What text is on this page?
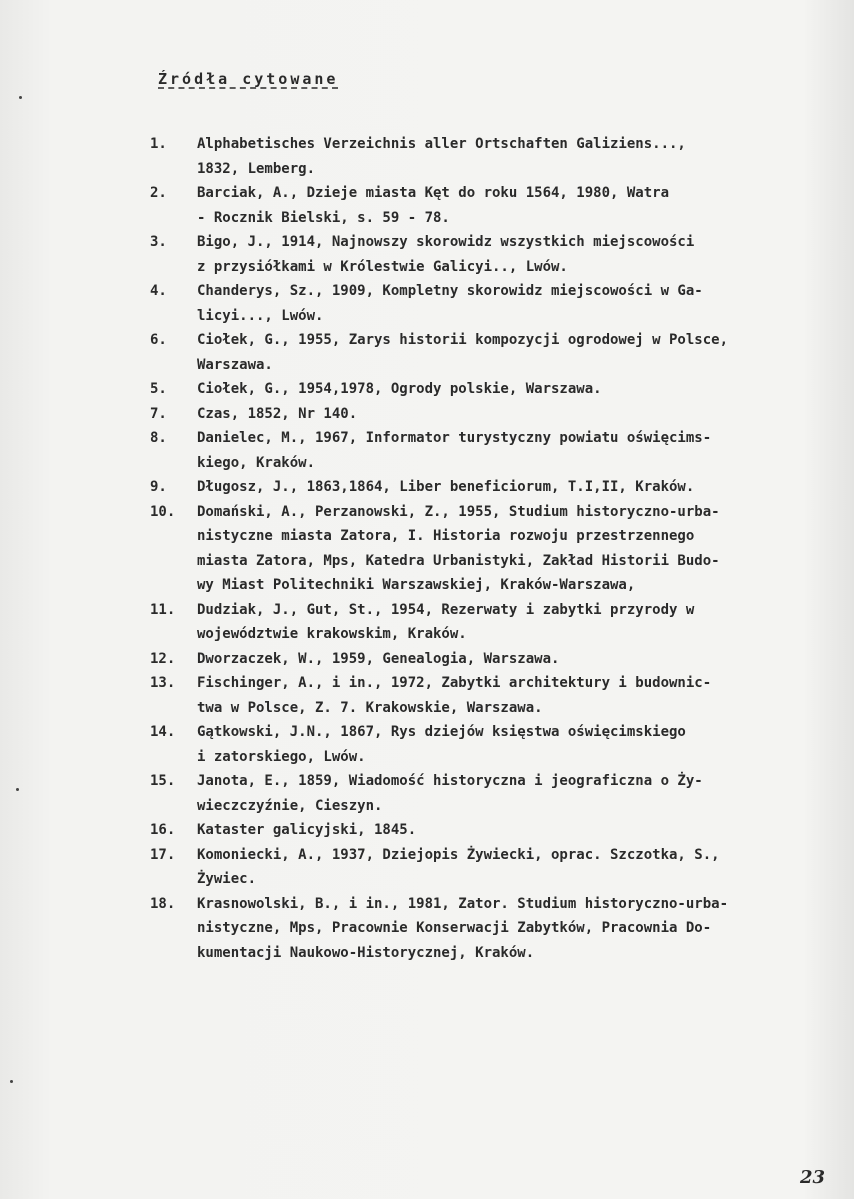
Źródła cytowane
1.	Alphabetisches Verzeichnis aller Ortschaften Galiziens...,
1832, Lemberg.
2.	Barciak, A., Dzieje miasta Kęt do roku 1564, 1980, Watra
- Rocznik Bielski, s. 59 - 78.
3.	Bigo, J., 1914, Najnowszy skorowidz wszystkich miejscowości
z przysiółkami w Królestwie Galicyi.., Lwów.
4.	Chanderys, Sz., 1909, Kompletny skorowidz miejscowości w Ga-
licyi..., Lwów.
6.	Ciołek, G., 1955, Zarys historii kompozycji ogrodowej w Polsce,
Warszawa.
5.	Ciołek, G., 1954,1978, Ogrody polskie, Warszawa.
7.	Czas, 1852, Nr 140.
8.	Danielec, M., 1967, Informator turystyczny powiatu oświęcims-
kiego, Kraków.
9.	Długosz, J., 1863,1864, Liber beneficiorum, T.I,II, Kraków.
10.	Domański, A., Perzanowski, Z., 1955, Studium historyczno-urba-
nistyczne miasta Zatora, I. Historia rozwoju przestrzennego
miasta Zatora, Mps, Katedra Urbanistyki, Zakład Historii Budo-
wy Miast Politechniki Warszawskiej, Kraków-Warszawa,
11.	Dudziak, J., Gut, St., 1954, Rezerwaty i zabytki przyrody w
województwie krakowskim, Kraków.
12.	Dworzaczek, W., 1959, Genealogia, Warszawa.
13.	Fischinger, A., i in., 1972, Zabytki architektury i budownic-
twa w Polsce, Z. 7. Krakowskie, Warszawa.
14.	Gątkowski, J.N., 1867, Rys dziejów księstwa oświęcimskiego
i zatorskiego, Lwów.
15.	Janota, E., 1859, Wiadomość historyczna i jeograficzna o Ży-
wieczczyźnie, Cieszyn.
16.	Kataster galicyjski, 1845.
17.	Komoniecki, A., 1937, Dziejopis Żywiecki, oprac. Szczotka, S.,
Żywiec.
18.	Krasnowolski, B., i in., 1981, Zator. Studium historyczno-urba-
nistyczne, Mps, Pracownie Konserwacji Zabytków, Pracownia Do-
kumentacji Naukowo-Historycznej, Kraków.
23
